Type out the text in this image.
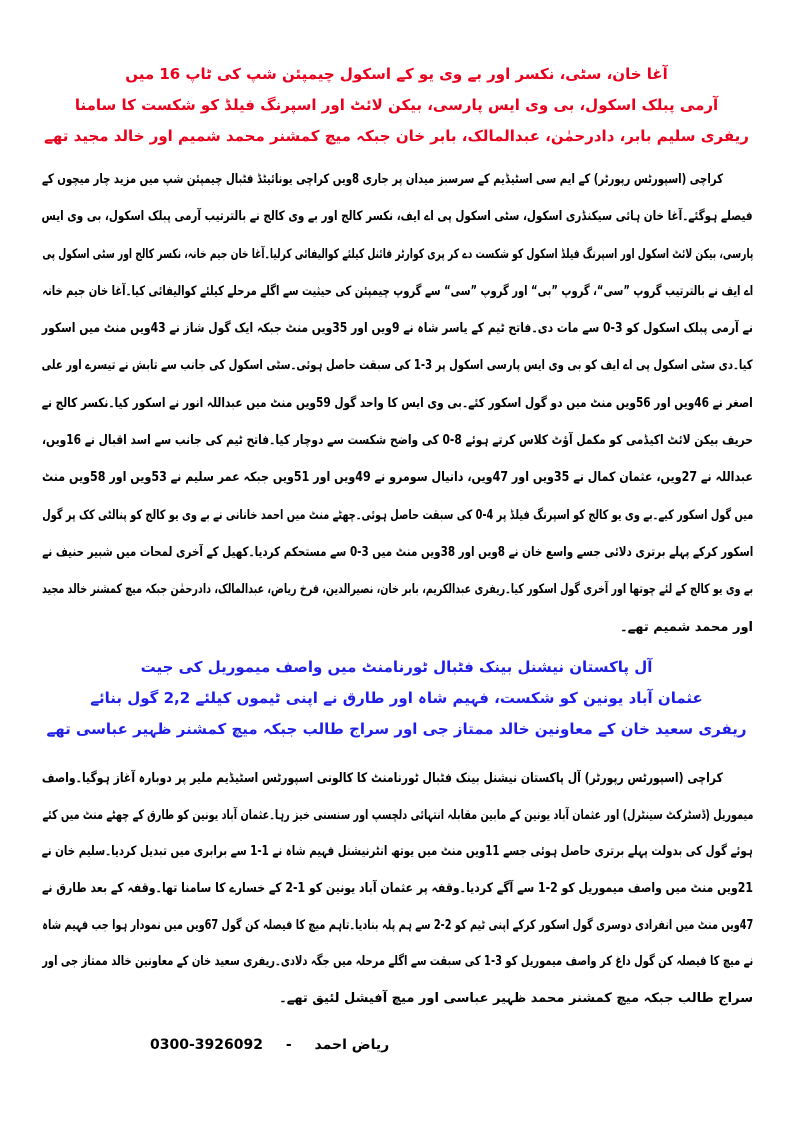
آغا خان، سٹی، نکسر اور بے وی یو کے اسکول چیمپئن شپ کی ٹاپ 16 میں
آرمی پبلک اسکول، بی وی ایس پارسی، بیکن لائٹ اور اسپرنگ فیلڈ کو شکست کا سامنا
ریفری سلیم بابر، دادرحمٰن، عبدالمالک، بابر خان جبکہ میچ کمشنر محمد شمیم اور خالد مجید تھے
کراچی (اسپورٹس رپورٹر) کے ایم سی اسٹیڈیم کے سرسبز میدان پر جاری 8ویں کراچی یونائیٹڈ فٹبال چیمپئن شپ میں مزید چار میچوں کے
فیصلے ہوگئے۔آغا خان ہائی سیکنڈری اسکول، سٹی اسکول پی اے ایف، نکسر کالج اور بے وی کالج نے بالترتیب آرمی پبلک اسکول، بی وی ایس
پارسی، بیکن لائٹ اسکول اور اسپرنگ فیلڈ اسکول کو شکست دے کر پری کوارٹر فائنل کیلئے کوالیفائی کرلیا۔آغا خان جیم خانہ، نکسر کالج اور سٹی اسکول پی
اے ایف نے بالترتیب گروپ ”سی“، گروپ ”بی“ اور گروپ ”سی“ سے گروپ چیمپئن کی حیثیت سے اگلے مرحلے کیلئے کوالیفائی کیا۔آغا خان جیم خانہ
نے آرمی پبلک اسکول کو 3-0 سے مات دی۔فاتح ٹیم کے یاسر شاہ نے 9ویں اور 35ویں منٹ جبکہ ایک گول شاز نے 43ویں منٹ میں اسکور
کیا۔دی سٹی اسکول پی اے ایف کو بی وی ایس پارسی اسکول پر 3-1 کی سبقت حاصل ہوئی۔سٹی اسکول کی جانب سے تابش نے تیسرے اور علی
اصغر نے 46ویں اور 56ویں منٹ میں دو گول اسکور کئے۔بی وی ایس کا واحد گول 59ویں منٹ میں عبداللہ انور نے اسکور کیا۔نکسر کالج نے
حریف بیکن لائٹ اکیڈمی کو مکمل آؤٹ کلاس کرتے ہوئے 8-0 کی واضح شکست سے دوچار کیا۔فاتح ٹیم کی جانب سے اسد اقبال نے 16ویں،
عبداللہ نے 27ویں، عثمان کمال نے 35ویں اور 47ویں، دانیال سومرو نے 49ویں اور 51ویں جبکہ عمر سلیم نے 53ویں اور 58ویں منٹ
میں گول اسکور کیے۔بے وی یو کالج کو اسپرنگ فیلڈ پر 4-0 کی سبقت حاصل ہوئی۔چھٹے منٹ میں احمد خانانی نے بے وی یو کالج کو پنالٹی کک پر گول
اسکور کرکے پہلے برتری دلائی جسے واسع خان نے 8ویں اور 38ویں منٹ میں 3-0 سے مستحکم کردیا۔کھیل کے آخری لمحات میں شبیر حنیف نے
بے وی یو کالج کے لئے چوتھا اور آخری گول اسکور کیا۔ریفری عبدالکریم، بابر خان، نصیرالدین، فرخ ریاض، عبدالمالک، دادرحمٰن جبکہ میچ کمشنر خالد مجید
اور محمد شمیم تھے۔
آل پاکستان نیشنل بینک فٹبال ٹورنامنٹ میں واصف میموریل کی جیت
عثمان آباد یونین کو شکست، فہیم شاہ اور طارق نے اپنی ٹیموں کیلئے 2,2 گول بنائے
ریفری سعید خان کے معاونین خالد ممتاز جی اور سراج طالب جبکہ میچ کمشنر ظہیر عباسی تھے
کراچی (اسپورٹس رپورٹر) آل پاکستان نیشنل بینک فٹبال ٹورنامنٹ کا کالونی اسپورٹس اسٹیڈیم ملیر پر دوبارہ آغاز ہوگیا۔واصف
میموریل (ڈسٹرکٹ سینٹرل) اور عثمان آباد یونین کے مابین مقابلہ انتہائی دلچسپ اور سنسنی خیز رہا۔عثمان آباد یونین کو طارق کے چھٹے منٹ میں کئے
ہوئے گول کی بدولت پہلے برتری حاصل ہوئی جسے 11ویں منٹ میں یوتھ انٹرنیشنل فہیم شاہ نے 1-1 سے برابری میں تبدیل کردیا۔سلیم خان نے
21ویں منٹ میں واصف میموریل کو 2-1 سے آگے کردیا۔وقفہ پر عثمان آباد یونین کو 1-2 کے خسارے کا سامنا تھا۔وقفہ کے بعد طارق نے
47ویں منٹ میں انفرادی دوسری گول اسکور کرکے اپنی ٹیم کو 2-2 سے ہم پلہ بنادیا۔تاہم میچ کا فیصلہ کن گول 67ویں میں نمودار ہوا جب فہیم شاہ
نے میچ کا فیصلہ کن گول داغ کر واصف میموریل کو 3-1 کی سبقت سے اگلے مرحلہ میں جگہ دلادی۔ریفری سعید خان کے معاونین خالد ممتاز جی اور
سراج طالب جبکہ میچ کمشنر محمد ظہیر عباسی اور میچ آفیشل لئیق تھے۔
0300-3926092 - ریاض احمد
